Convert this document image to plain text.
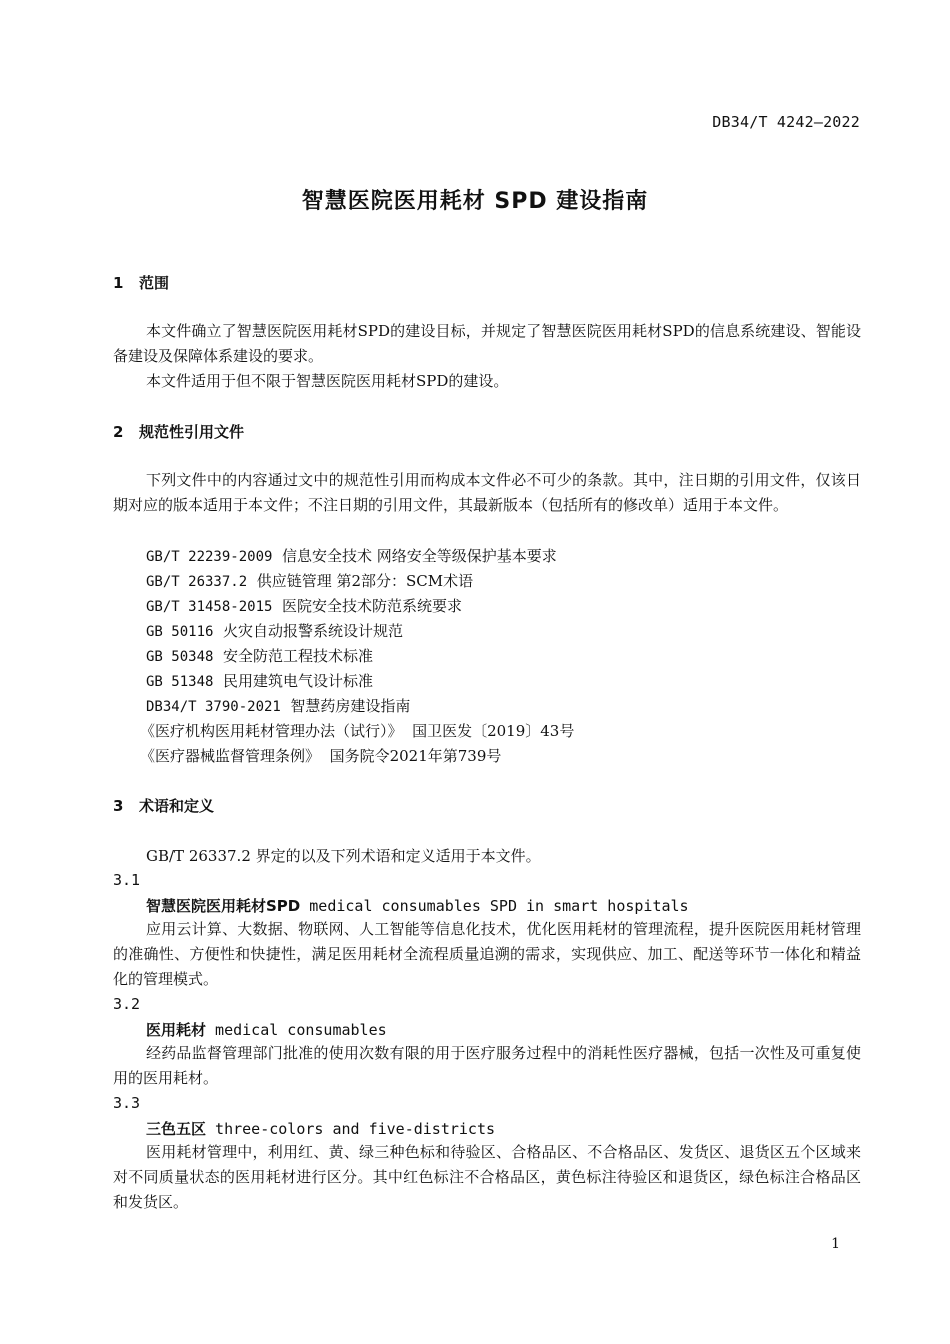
DB34/T 4242—2022
智慧医院医用耗材 SPD 建设指南
1 范围
本文件确立了智慧医院医用耗材SPD的建设目标，并规定了智慧医院医用耗材SPD的信息系统建设、智能设备建设及保障体系建设的要求。
本文件适用于但不限于智慧医院医用耗材SPD的建设。
2 规范性引用文件
下列文件中的内容通过文中的规范性引用而构成本文件必不可少的条款。其中，注日期的引用文件，仅该日期对应的版本适用于本文件；不注日期的引用文件，其最新版本（包括所有的修改单）适用于本文件。
GB/T 22239-2009 信息安全技术 网络安全等级保护基本要求
GB/T 26337.2 供应链管理 第2部分：SCM术语
GB/T 31458-2015 医院安全技术防范系统要求
GB 50116 火灾自动报警系统设计规范
GB 50348 安全防范工程技术标准
GB 51348 民用建筑电气设计标准
DB34/T 3790-2021 智慧药房建设指南
《医疗机构医用耗材管理办法（试行）》 国卫医发〔2019〕43号
《医疗器械监督管理条例》 国务院令2021年第739号
3 术语和定义
GB/T 26337.2 界定的以及下列术语和定义适用于本文件。
3.1
智慧医院医用耗材SPD medical consumables SPD in smart hospitals
应用云计算、大数据、物联网、人工智能等信息化技术，优化医用耗材的管理流程，提升医院医用耗材管理的准确性、方便性和快捷性，满足医用耗材全流程质量追溯的需求，实现供应、加工、配送等环节一体化和精益化的管理模式。
3.2
医用耗材 medical consumables
经药品监督管理部门批准的使用次数有限的用于医疗服务过程中的消耗性医疗器械，包括一次性及可重复使用的医用耗材。
3.3
三色五区 three-colors and five-districts
医用耗材管理中，利用红、黄、绿三种色标和待验区、合格品区、不合格品区、发货区、退货区五个区域来对不同质量状态的医用耗材进行区分。其中红色标注不合格品区，黄色标注待验区和退货区，绿色标注合格品区和发货区。
1
